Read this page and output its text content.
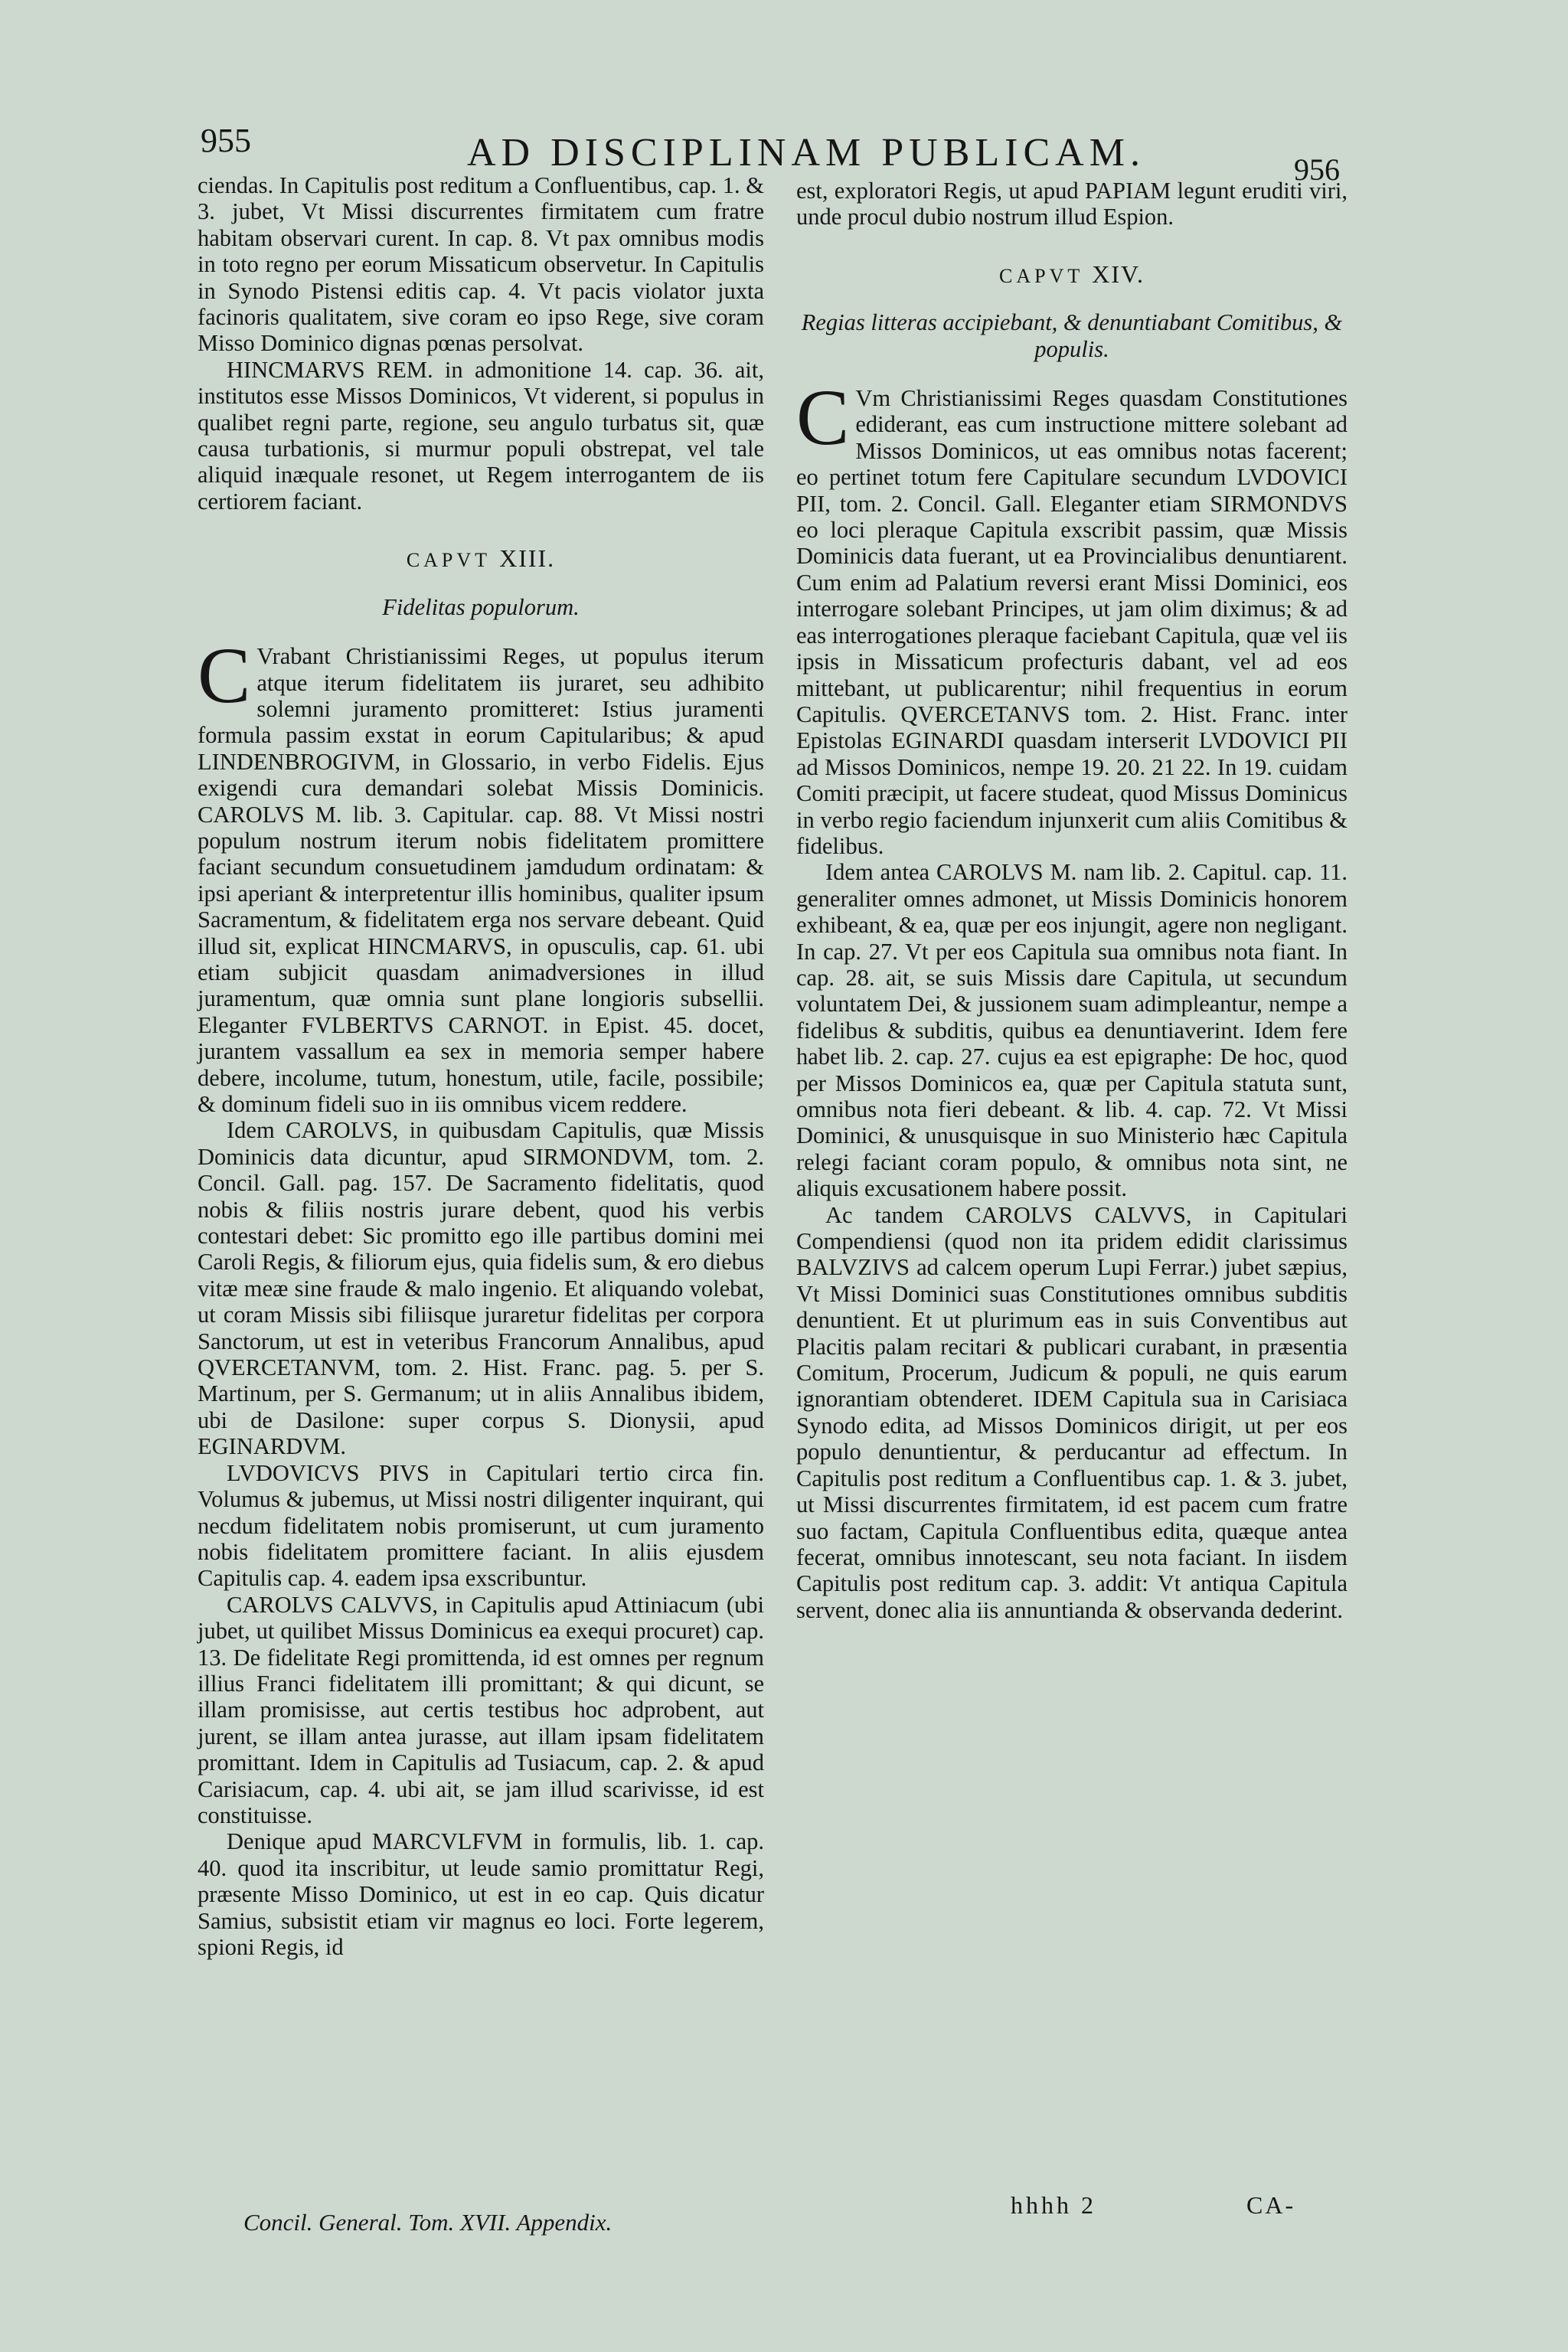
955	AD DISCIPLINAM PUBLICAM.	956

ciendas. In Capitulis post reditum a Confluentibus, cap. 1. & 3. jubet, Vt Missi discurrentes firmitatem cum fratre habitam observari curent. In cap. 8. Vt pax omnibus modis in toto regno per eorum Missaticum observetur. In Capitulis in Synodo Pistensi editis cap. 4. Vt pacis violator juxta facinoris qualitatem, sive coram eo ipso Rege, sive coram Misso Dominico dignas pœnas persolvat.

HINCMARVS REM. in admonitione 14. cap. 36. ait, institutos esse Missos Dominicos, Vt viderent, si populus in qualibet regni parte, regione, seu angulo turbatus sit, quæ causa turbationis, si murmur populi obstrepat, vel tale aliquid inæquale resonet, ut Regem interrogantem de iis certiorem faciant.

CAPVT XIII.

Fidelitas populorum.

CVrabant Christianissimi Reges, ut populus iterum atque iterum fidelitatem iis juraret, seu adhibito solemni juramento promitteret: Istius juramenti formula passim exstat in eorum Capitularibus; & apud LINDENBROGIVM, in Glossario, in verbo Fidelis. Ejus exigendi cura demandari solebat Missis Dominicis. CAROLVS M. lib. 3. Capitular. cap. 88. Vt Missi nostri populum nostrum iterum nobis fidelitatem promittere faciant secundum consuetudinem jamdudum ordinatam: & ipsi aperiant & interpretentur illis hominibus, qualiter ipsum Sacramentum, & fidelitatem erga nos servare debeant. Quid illud sit, explicat HINCMARVS, in opusculis, cap. 61. ubi etiam subjicit quasdam animadversiones in illud juramentum, quæ omnia sunt plane longioris subsellii. Eleganter FVLBERTVS CARNOT. in Epist. 45. docet, jurantem vassallum ea sex in memoria semper habere debere, incolume, tutum, honestum, utile, facile, possibile; & dominum fideli suo in iis omnibus vicem reddere.

Idem CAROLVS, in quibusdam Capitulis, quæ Missis Dominicis data dicuntur, apud SIRMONDVM, tom. 2. Concil. Gall. pag. 157. De Sacramento fidelitatis, quod nobis & filiis nostris jurare debent, quod his verbis contestari debet: Sic promitto ego ille partibus domini mei Caroli Regis, & filiorum ejus, quia fidelis sum, & ero diebus vitæ meæ sine fraude & malo ingenio. Et aliquando volebat, ut coram Missis sibi filiisque juraretur fidelitas per corpora Sanctorum, ut est in veteribus Francorum Annalibus, apud QVERCETANVM, tom. 2. Hist. Franc. pag. 5. per S. Martinum, per S. Germanum; ut in aliis Annalibus ibidem, ubi de Dasilone: super corpus S. Dionysii, apud EGINARDVM.

LVDOVICVS PIVS in Capitulari tertio circa fin. Volumus & jubemus, ut Missi nostri diligenter inquirant, qui necdum fidelitatem nobis promiserunt, ut cum juramento nobis fidelitatem promittere faciant. In aliis ejusdem Capitulis cap. 4. eadem ipsa exscribuntur.

CAROLVS CALVVS, in Capitulis apud Attiniacum (ubi jubet, ut quilibet Missus Dominicus ea exequi procuret) cap. 13. De fidelitate Regi promittenda, id est omnes per regnum illius Franci fidelitatem illi promittant; & qui dicunt, se illam promisisse, aut certis testibus hoc adprobent, aut jurent, se illam antea jurasse, aut illam ipsam fidelitatem promittant. Idem in Capitulis ad Tusiacum, cap. 2. & apud Carisiacum, cap. 4. ubi ait, se jam illud scarivisse, id est constituisse.

Denique apud MARCVLFVM in formulis, lib. 1. cap. 40. quod ita inscribitur, ut leude samio promittatur Regi, præsente Misso Dominico, ut est in eo cap. Quis dicatur Samius, subsistit etiam vir magnus eo loci. Forte legerem, spioni Regis, id

est, exploratori Regis, ut apud PAPIAM legunt eruditi viri, unde procul dubio nostrum illud Espion.

CAPVT XIV.

Regias litteras accipiebant, & denuntiabant Comitibus, & populis.

CVm Christianissimi Reges quasdam Constitutiones ediderant, eas cum instructione mittere solebant ad Missos Dominicos, ut eas omnibus notas facerent; eo pertinet totum fere Capitulare secundum LVDOVICI PII, tom. 2. Concil. Gall. Eleganter etiam SIRMONDVS eo loci pleraque Capitula exscribit passim, quæ Missis Dominicis data fuerant, ut ea Provincialibus denuntiarent. Cum enim ad Palatium reversi erant Missi Dominici, eos interrogare solebant Principes, ut jam olim diximus; & ad eas interrogationes pleraque faciebant Capitula, quæ vel iis ipsis in Missaticum profecturis dabant, vel ad eos mittebant, ut publicarentur; nihil frequentius in eorum Capitulis. QVERCETANVS tom. 2. Hist. Franc. inter Epistolas EGINARDI quasdam interserit LVDOVICI PII ad Missos Dominicos, nempe 19. 20. 21 22. In 19. cuidam Comiti præcipit, ut facere studeat, quod Missus Dominicus in verbo regio faciendum injunxerit cum aliis Comitibus & fidelibus.

Idem antea CAROLVS M. nam lib. 2. Capitul. cap. 11. generaliter omnes admonet, ut Missis Dominicis honorem exhibeant, & ea, quæ per eos injungit, agere non negligant. In cap. 27. Vt per eos Capitula sua omnibus nota fiant. In cap. 28. ait, se suis Missis dare Capitula, ut secundum voluntatem Dei, & jussionem suam adimpleantur, nempe a fidelibus & subditis, quibus ea denuntiaverint. Idem fere habet lib. 2. cap. 27. cujus ea est epigraphe: De hoc, quod per Missos Dominicos ea, quæ per Capitula statuta sunt, omnibus nota fieri debeant. & lib. 4. cap. 72. Vt Missi Dominici, & unusquisque in suo Ministerio hæc Capitula relegi faciant coram populo, & omnibus nota sint, ne aliquis excusationem habere possit.

Ac tandem CAROLVS CALVVS, in Capitulari Compendiensi (quod non ita pridem edidit clarissimus BALVZIVS ad calcem operum Lupi Ferrar.) jubet sæpius, Vt Missi Dominici suas Constitutiones omnibus subditis denuntient. Et ut plurimum eas in suis Conventibus aut Placitis palam recitari & publicari curabant, in præsentia Comitum, Procerum, Judicum & populi, ne quis earum ignorantiam obtenderet. IDEM Capitula sua in Carisiaca Synodo edita, ad Missos Dominicos dirigit, ut per eos populo denuntientur, & perducantur ad effectum. In Capitulis post reditum a Confluentibus cap. 1. & 3. jubet, ut Missi discurrentes firmitatem, id est pacem cum fratre suo factam, Capitula Confluentibus edita, quæque antea fecerat, omnibus innotescant, seu nota faciant. In iisdem Capitulis post reditum cap. 3. addit: Vt antiqua Capitula servent, donec alia iis annuntianda & observanda dederint.

Concil. General. Tom. XVII. Appendix.
hhhh 2	CA-
